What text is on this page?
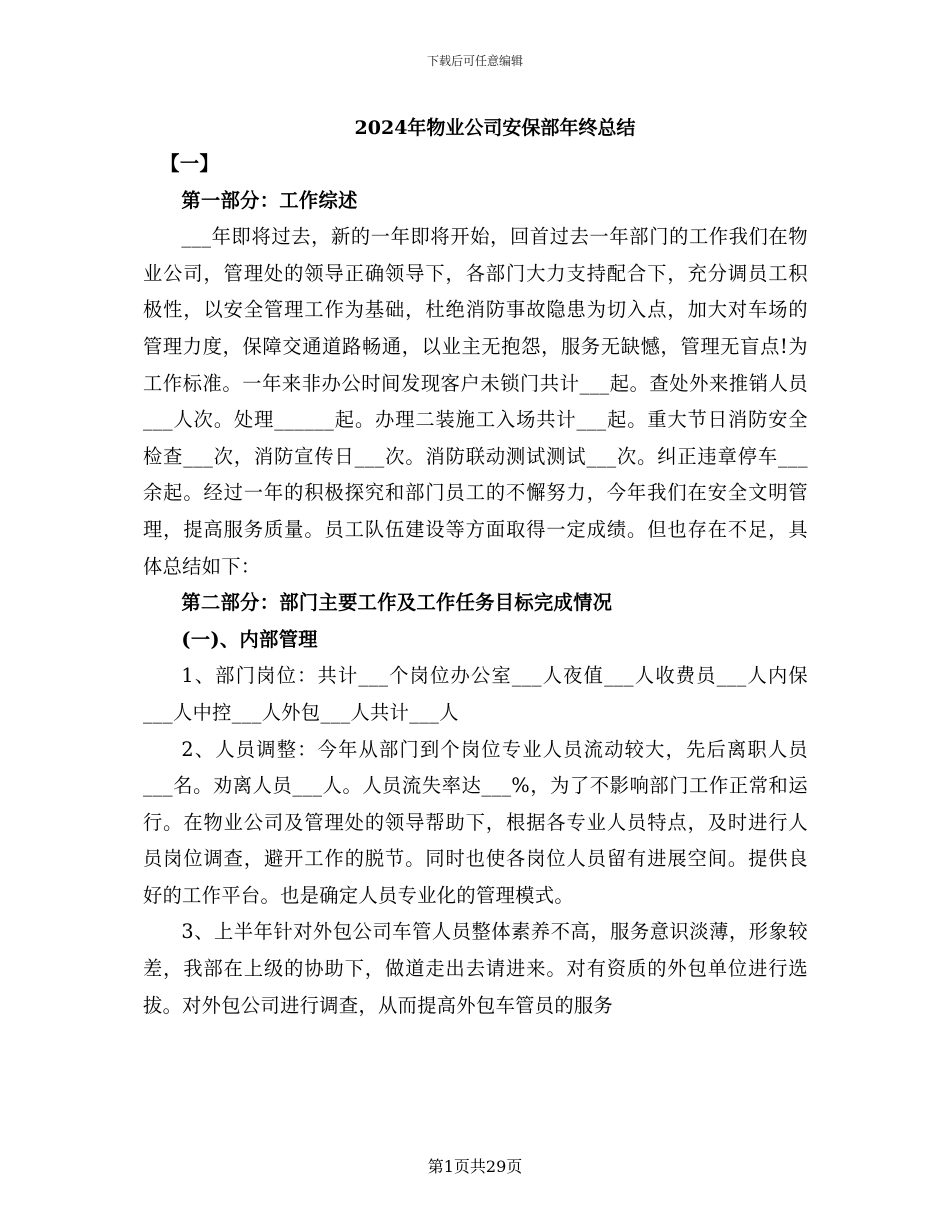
下载后可任意编辑
2024年物业公司安保部年终总结

【一】

第一部分：工作综述

___年即将过去，新的一年即将开始，回首过去一年部门的工作我们在物业公司，管理处的领导正确领导下，各部门大力支持配合下，充分调员工积极性，以安全管理工作为基础，杜绝消防事故隐患为切入点，加大对车场的管理力度，保障交通道路畅通，以业主无抱怨，服务无缺憾，管理无盲点!为工作标准。一年来非办公时间发现客户未锁门共计___起。查处外来推销人员___人次。处理______起。办理二装施工入场共计___起。重大节日消防安全检查___次，消防宣传日___次。消防联动测试测试___次。纠正违章停车___余起。经过一年的积极探究和部门员工的不懈努力，今年我们在安全文明管理，提高服务质量。员工队伍建设等方面取得一定成绩。但也存在不足，具体总结如下：

第二部分：部门主要工作及工作任务目标完成情况

(一)、内部管理

1、部门岗位：共计___个岗位办公室___人夜值___人收费员___人内保___人中控___人外包___人共计___人

2、人员调整：今年从部门到个岗位专业人员流动较大，先后离职人员___名。劝离人员___人。人员流失率达___%，为了不影响部门工作正常和运行。在物业公司及管理处的领导帮助下，根据各专业人员特点，及时进行人员岗位调查，避开工作的脱节。同时也使各岗位人员留有进展空间。提供良好的工作平台。也是确定人员专业化的管理模式。

3、上半年针对外包公司车管人员整体素养不高，服务意识淡薄，形象较差，我部在上级的协助下，做道走出去请进来。对有资质的外包单位进行选拔。对外包公司进行调查，从而提高外包车管员的服务

第1页共29页
